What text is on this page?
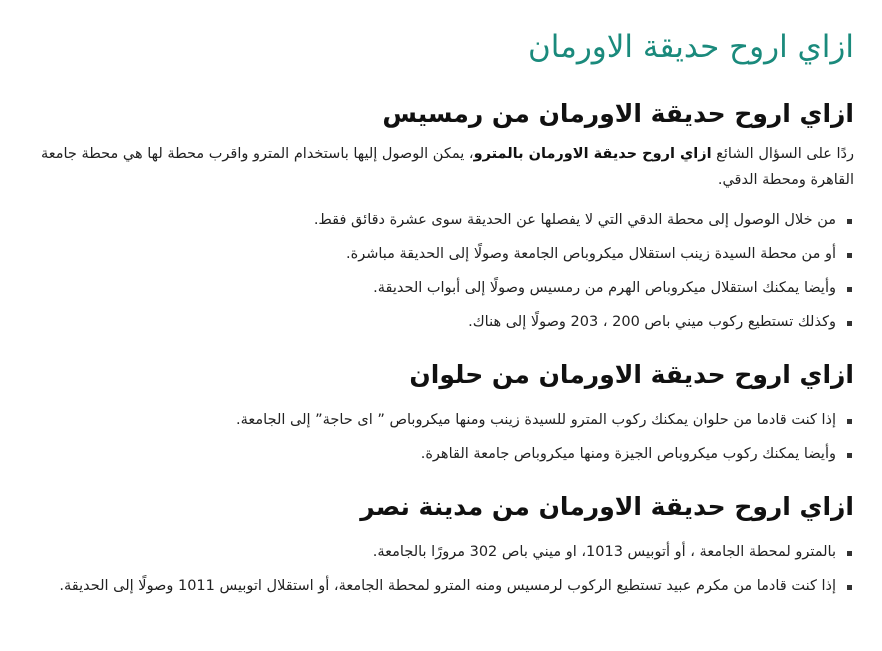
ازاي اروح حديقة الاورمان
ازاي اروح حديقة الاورمان من رمسيس

ردًا على السؤال الشائع ازاي اروح حديقة الاورمان بالمترو، يمكن الوصول إليها باستخدام المترو واقرب محطة لها هي محطة جامعة القاهرة ومحطة الدقي.

من خلال الوصول إلى محطة الدقي التي لا يفصلها عن الحديقة سوى عشرة دقائق فقط.
أو من محطة السيدة زينب استقلال ميكروباص الجامعة وصولًا إلى الحديقة مباشرة.
وأيضا يمكنك استقلال ميكروباص الهرم من رمسيس وصولًا إلى أبواب الحديقة.
وكذلك تستطيع ركوب ميني باص 200 ، 203 وصولًا إلى هناك.
ازاي اروح حديقة الاورمان من حلوان
إذا كنت قادما من حلوان يمكنك ركوب المترو للسيدة زينب ومنها ميكروباص ” اى حاجة” إلى الجامعة.
وأيضا يمكنك ركوب ميكروباص الجيزة ومنها ميكروباص جامعة القاهرة.
ازاي اروح حديقة الاورمان من مدينة نصر
بالمترو لمحطة الجامعة ، أو أتوبيس 1013، او ميني باص 302 مرورًا بالجامعة.
إذا كنت قادما من مكرم عبيد تستطيع الركوب لرمسيس ومنه المترو لمحطة الجامعة، أو استقلال اتوبيس 1011 وصولًا إلى الحديقة.
